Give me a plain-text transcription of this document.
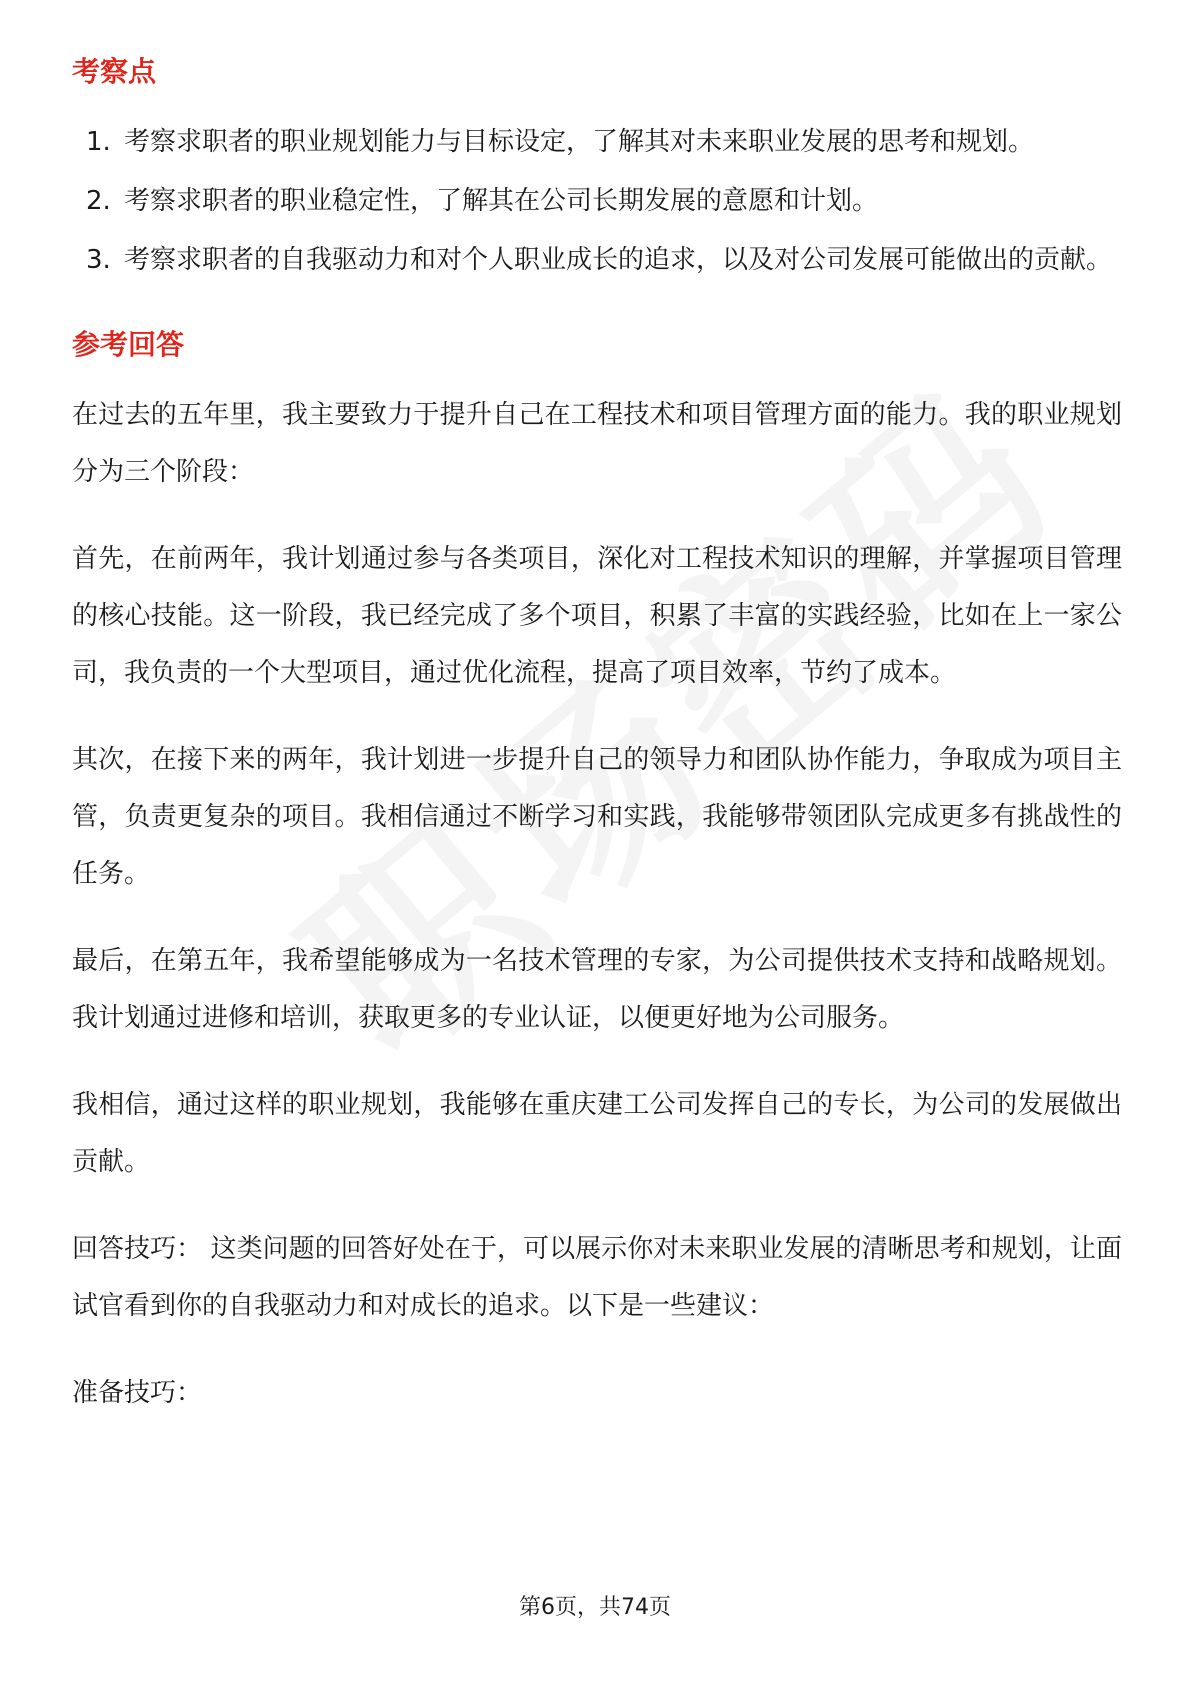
考察点
1. 考察求职者的职业规划能力与目标设定，了解其对未来职业发展的思考和规划。
2. 考察求职者的职业稳定性，了解其在公司长期发展的意愿和计划。
3. 考察求职者的自我驱动力和对个人职业成长的追求，以及对公司发展可能做出的贡献。
参考回答

在过去的五年里，我主要致力于提升自己在工程技术和项目管理方面的能力。我的职业规划分为三个阶段：

首先，在前两年，我计划通过参与各类项目，深化对工程技术知识的理解，并掌握项目管理的核心技能。这一阶段，我已经完成了多个项目，积累了丰富的实践经验，比如在上一家公司，我负责的一个大型项目，通过优化流程，提高了项目效率，节约了成本。

其次，在接下来的两年，我计划进一步提升自己的领导力和团队协作能力，争取成为项目主管，负责更复杂的项目。我相信通过不断学习和实践，我能够带领团队完成更多有挑战性的任务。

最后，在第五年，我希望能够成为一名技术管理的专家，为公司提供技术支持和战略规划。我计划通过进修和培训，获取更多的专业认证，以便更好地为公司服务。

我相信，通过这样的职业规划，我能够在重庆建工公司发挥自己的专长，为公司的发展做出贡献。

回答技巧： 这类问题的回答好处在于，可以展示你对未来职业发展的清晰思考和规划，让面试官看到你的自我驱动力和对成长的追求。以下是一些建议：

准备技巧：

第6页，共74页
